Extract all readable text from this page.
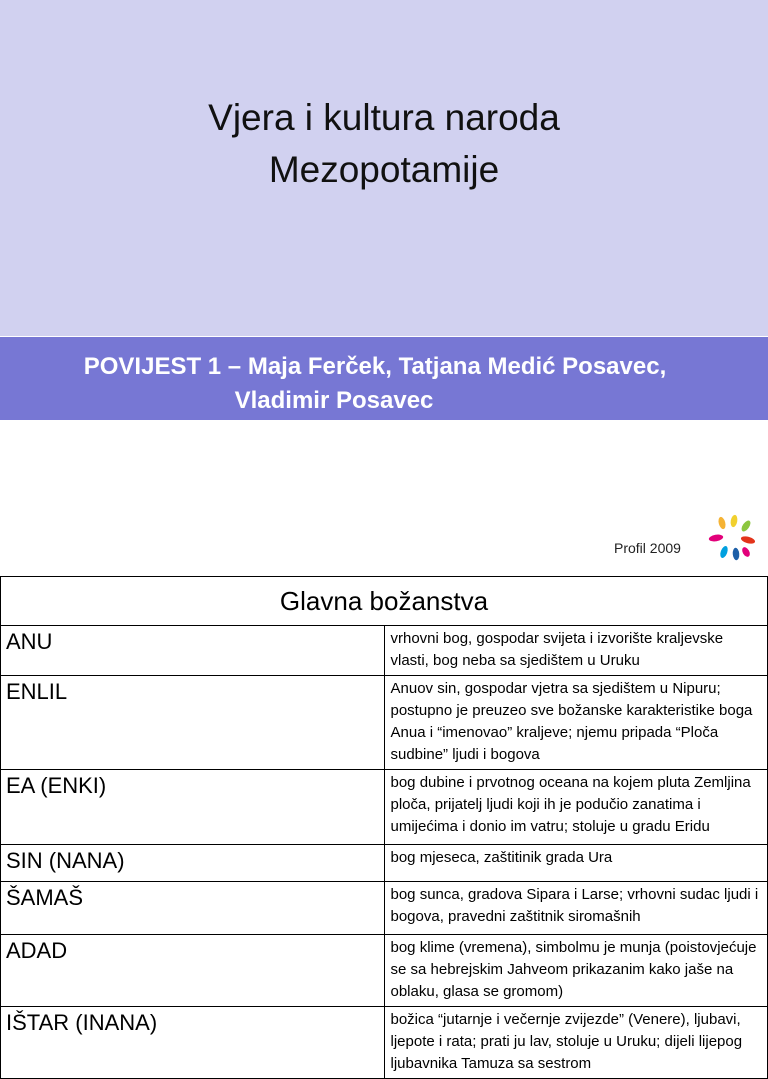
Vjera i kultura naroda
Mezopotamije
POVIJEST 1 – Maja Ferček, Tatjana Medić Posavec,
Vladimir Posavec
Profil 2009
Glavna božanstva	
ANU	vrhovni bog, gospodar svijeta i izvorište kraljevske vlasti, bog neba sa sjedištem u Uruku
ENLIL	Anuov sin, gospodar vjetra sa sjedištem u Nipuru; postupno je preuzeo sve božanske karakteristike boga Anua i “imenovao” kraljeve; njemu pripada “Ploča sudbine” ljudi i bogova
EA (ENKI)	bog dubine i prvotnog oceana na kojem pluta Zemljina ploča, prijatelj ljudi koji ih je podučio zanatima i umijećima i donio im vatru; stoluje u gradu Eridu
SIN (NANA)	bog mjeseca, zaštitinik grada Ura
ŠAMAŠ	bog sunca, gradova Sipara i Larse; vrhovni sudac ljudi i bogova, pravedni zaštitnik siromašnih
ADAD	bog klime (vremena), simbolmu je munja (poistovjećuje se sa hebrejskim Jahveom prikazanim kako jaše na oblaku, glasa se gromom)
IŠTAR (INANA)	božica “jutarnje i večernje zvijezde” (Venere), ljubavi, ljepote i rata; prati ju lav, stoluje u Uruku; dijeli lijepog ljubavnika Tamuza sa sestrom
